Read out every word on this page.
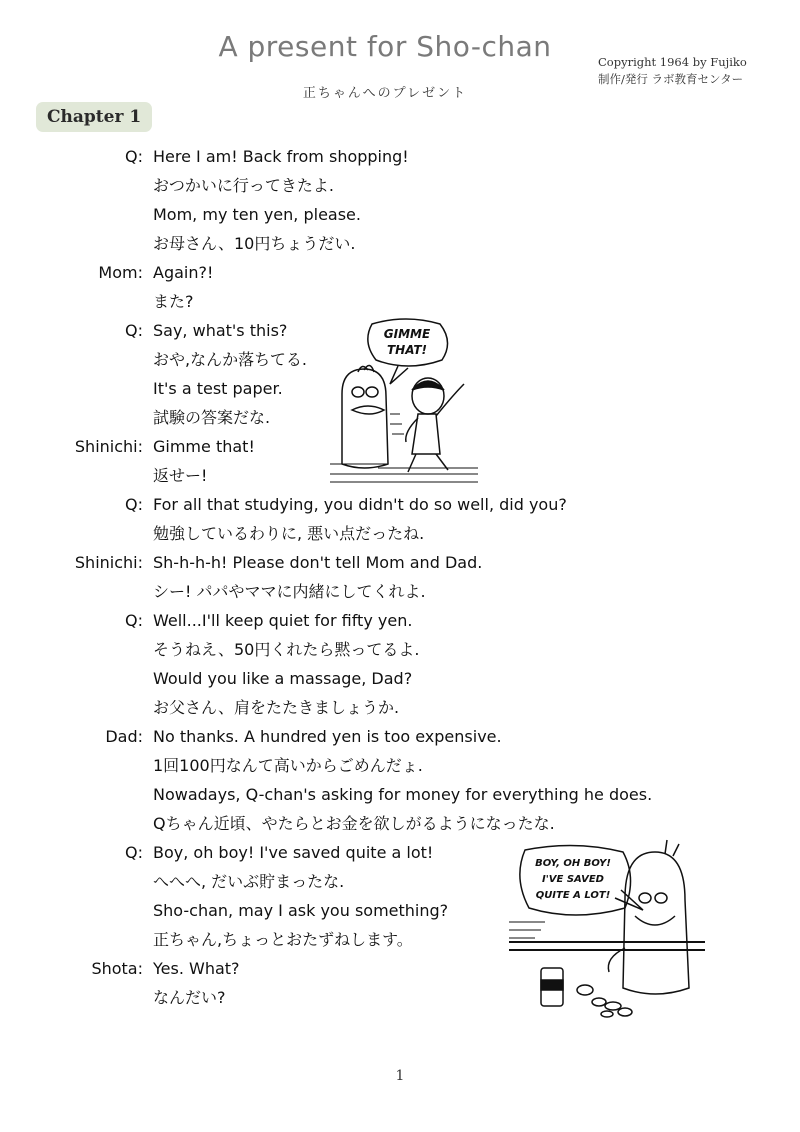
A present for Sho-chan
正ちゃんへのプレゼント
Copyright 1964 by Fujiko
制作/発行 ラボ教育センター
Chapter 1
Q: Here I am! Back from shopping!
おつかいに行ってきたよ.
Mom, my ten yen, please.
お母さん、10円ちょうだい.
Mom: Again?!
また?
Q: Say, what's this?
おや,なんか落ちてる.
It's a test paper.
試験の答案だな.
Shinichi: Gimme that!
返せー!
Q: For all that studying, you didn't do so well, did you?
勉強しているわりに, 悪い点だったね.
Shinichi: Sh-h-h-h! Please don't tell Mom and Dad.
シー! パパやママに内緒にしてくれよ.
Q: Well...I'll keep quiet for fifty yen.
そうねえ、50円くれたら黙ってるよ.
Would you like a massage, Dad?
お父さん、肩をたたきましょうか.
Dad: No thanks. A hundred yen is too expensive.
1回100円なんて高いからごめんだょ.
Nowadays, Q-chan's asking for money for everything he does.
Qちゃん近頃、やたらとお金を欲しがるようになったな.
Q: Boy, oh boy! I've saved quite a lot!
へへへ, だいぶ貯まったな.
Sho-chan, may I ask you something?
正ちゃん,ちょっとおたずねします。
Shota: Yes. What?
なんだい?
GIMME
THAT!
BOY, OH BOY!
I'VE SAVED
QUITE A LOT!
1
